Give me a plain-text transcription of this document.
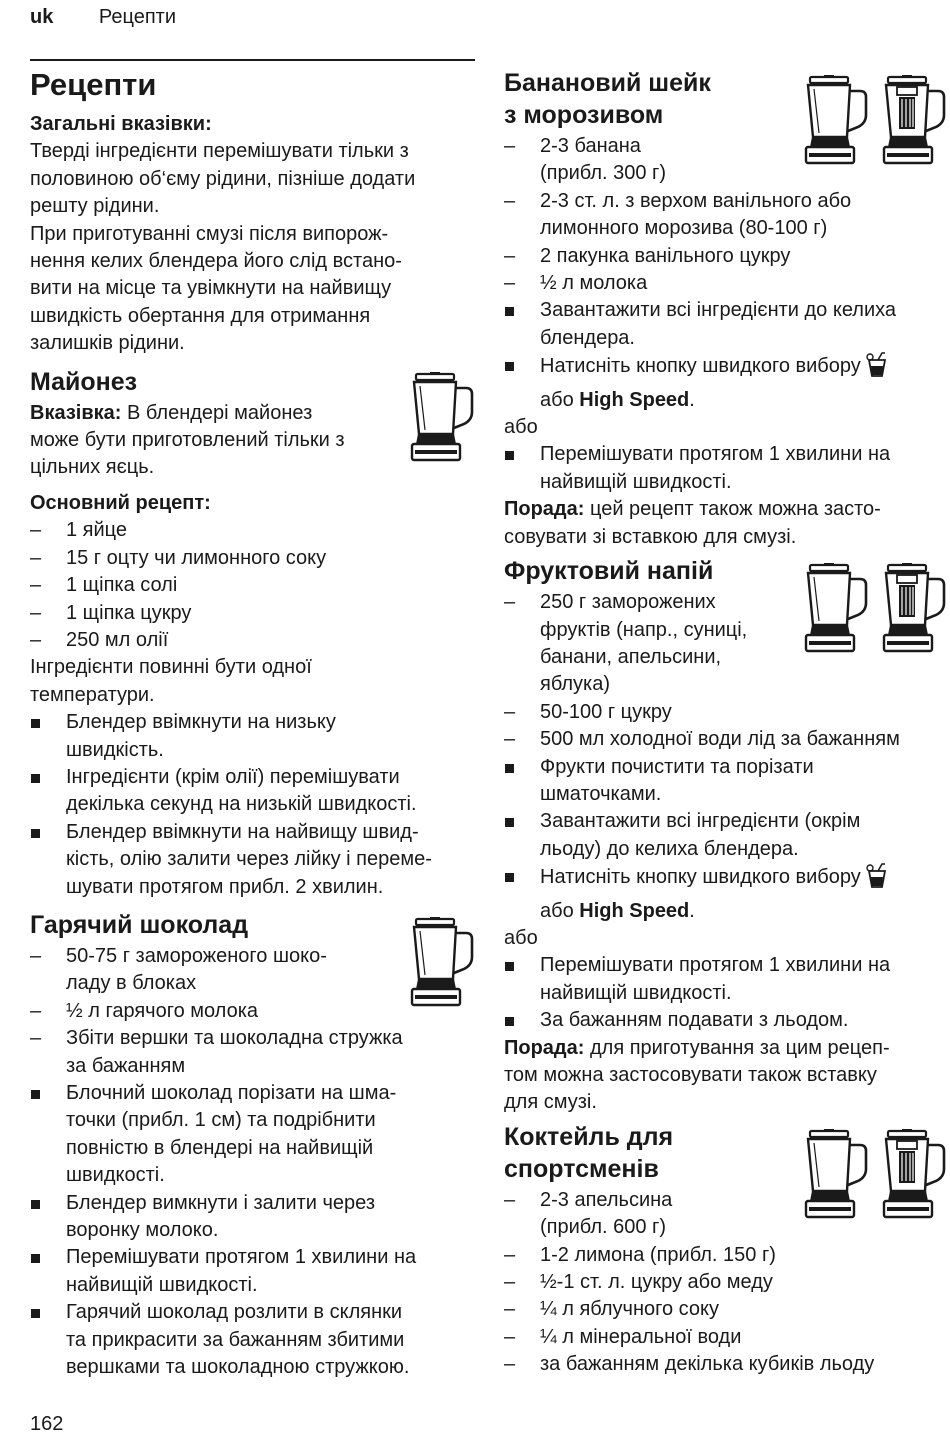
uk Рецепти
Рецепти

Загальні вказівки:

Тверді інгредієнти перемішувати тільки з

половиною об‘єму рідини, пізніше додати

решту рідини.

При приготуванні смузі після випорож-

нення келих блендера його слід встано-

вити на місце та увімкнути на найвищу

швидкість обертання для отримання

залишків рідини.

Майонез

Вказівка: В блендері майонез

може бути приготовлений тільки з

цільних яєць.

Основний рецепт:

– 1 яйце
– 15 г оцту чи лимонного соку
– 1 щіпка солі
– 1 щіпка цукру
– 250 мл олії

Інгредієнти повинні бути одної

температури.

Блендер ввімкнути на низьку
швидкість.
Інгредієнти (крім олії) перемішувати
декілька секунд на низькій швидкості.
Блендер ввімкнути на найвищу швид-
кість, олію залити через лійку і переме-
шувати протягом прибл. 2 хвилин.
Гарячий шоколад
– 50-75 г замороженого шоко-
ладу в блоках
– ½ л гарячого молока
– Збіти вершки та шоколадна стружка
за бажанням
Блочний шоколад порізати на шма-
точки (прибл. 1 см) та подрібнити
повністю в блендері на найвищій
швидкості.
Блендер вимкнути і залити через
воронку молоко.
Перемішувати протягом 1 хвилини на
найвищій швидкості.
Гарячий шоколад розлити в склянки
та прикрасити за бажанням збитими
вершками та шоколадною стружкою.
Банановий шейк
з морозивом
– 2-3 банана
(прибл. 300 г)
– 2-3 ст. л. з верхом ванільного або
лимонного морозива (80-100 г)
– 2 пакунка ванільного цукру
– ½ л молока
Завантажити всі інгредієнти до келиха
блендера.
Натисніть кнопку швидкого вибору
або High Speed.

або

Перемішувати протягом 1 хвилини на
найвищій швидкості.

Порада: цей рецепт також можна засто-

совувати зі вставкою для смузі.

Фруктовий напій
– 250 г заморожених
фруктів (напр., суниці,
банани, апельсини,
яблука)
– 50-100 г цукру
– 500 мл холодної води лід за бажанням
Фрукти почистити та порізати
шматочками.
Завантажити всі інгредієнти (окрім
льоду) до келиха блендера.
Натисніть кнопку швидкого вибору
або High Speed.

або

Перемішувати протягом 1 хвилини на
найвищій швидкості.
За бажанням подавати з льодом.

Порада: для приготування за цим рецеп-

том можна застосовувати також вставку

для смузі.

Коктейль для
спортсменів
– 2-3 апельсина
(прибл. 600 г)
– 1-2 лимона (прибл. 150 г)
– ½-1 ст. л. цукру або меду
– ¼ л яблучного соку
– ¼ л мінеральної води
– за бажанням декілька кубиків льоду
162
